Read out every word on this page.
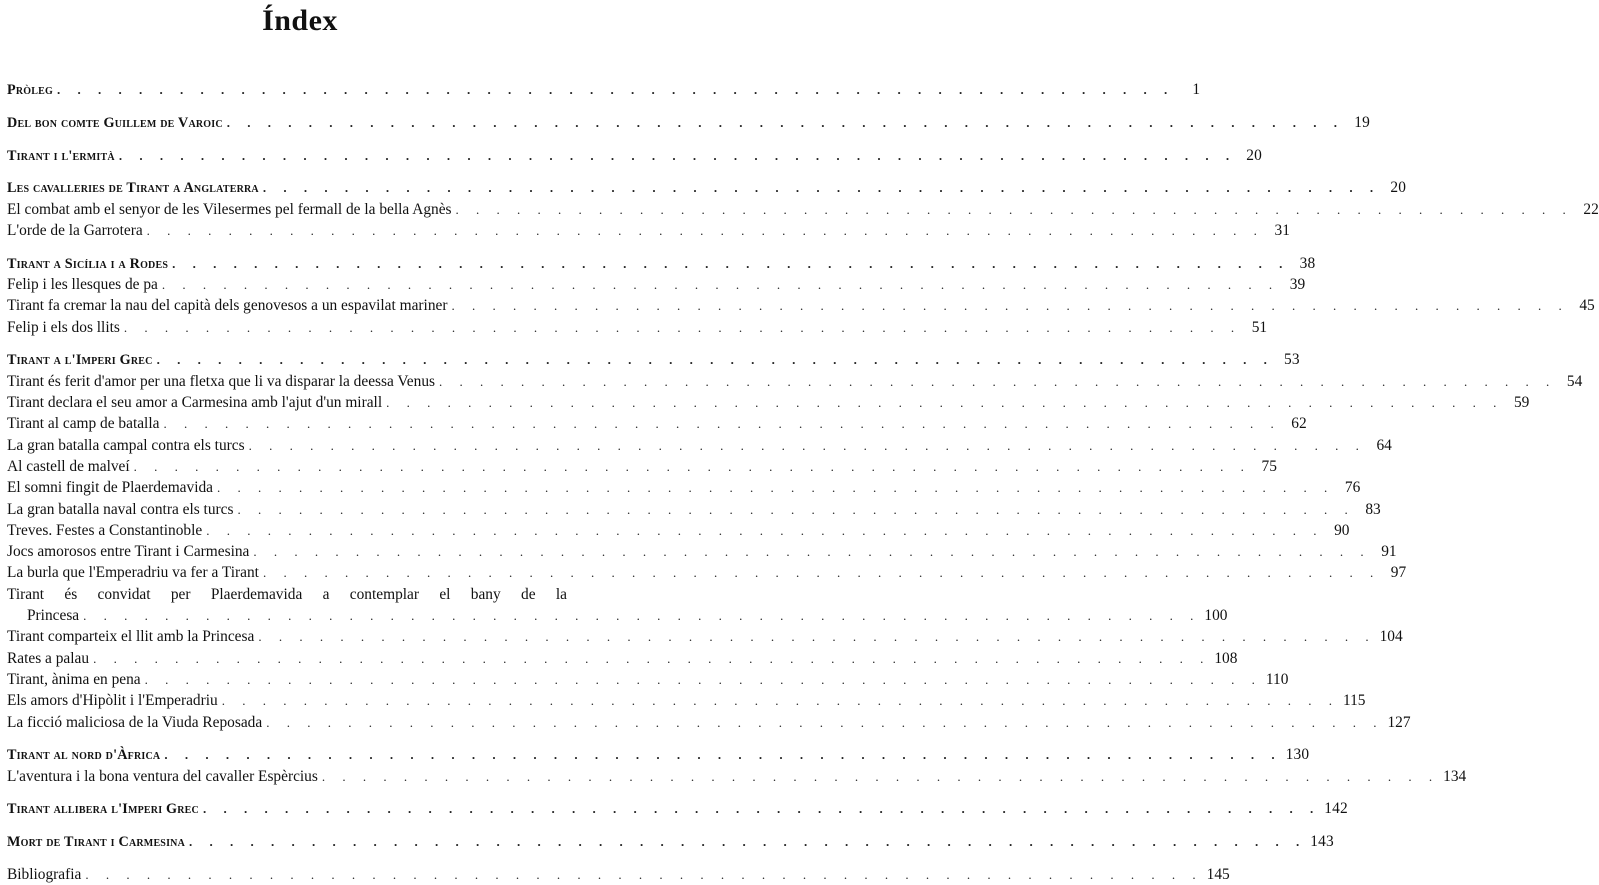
Índex
Pròleg . . . . . . . . . . . . . . . . . . . . . . . . . . . . . . . . . . . . . . . . . . . . . . . . . . . . . . .	1
Del bon comte Guillem de Varoic . . . . . . . . . . . . . . . . . . . . . . . . . . . . . . . . . . . . . . . . . . . . . . . . . . . . . . . 19
Tirant i l'ermità . . . . . . . . . . . . . . . . . . . . . . . . . . . . . . . . . . . . . . . . . . . . . . . . . . . . . . . 20
Les cavalleries de Tirant a Anglaterra . . . . . . . . . . . . . . . . . . . . . . . . . . . . . . . . . . . . . . . . . . . . . . . . . . . . . . . 20
El combat amb el senyor de les Vilesermes pel fermall de la bella Agnès . . . . . . . . . . . . . . . . . . . . . . . . . . . . . . . . . . . . . . . . . . . . . . . . . . . . . . . 22
L'orde de la Garrotera . . . . . . . . . . . . . . . . . . . . . . . . . . . . . . . . . . . . . . . . . . . . . . . . . . . . . . . 31
Tirant a Sicília i a Rodes . . . . . . . . . . . . . . . . . . . . . . . . . . . . . . . . . . . . . . . . . . . . . . . . . . . . . . . 38
Felip i les llesques de pa . . . . . . . . . . . . . . . . . . . . . . . . . . . . . . . . . . . . . . . . . . . . . . . . . . . . . . . 39
Tirant fa cremar la nau del capità dels genovesos a un espavilat mariner . . . . . . . . . . . . . . . . . . . . . . . . . . . . . . . . . . . . . . . . . . . . . . . . . . . . . . . 45
Felip i els dos llits . . . . . . . . . . . . . . . . . . . . . . . . . . . . . . . . . . . . . . . . . . . . . . . . . . . . . . . 51
Tirant a l'Imperi Grec . . . . . . . . . . . . . . . . . . . . . . . . . . . . . . . . . . . . . . . . . . . . . . . . . . . . . . . 53
Tirant és ferit d'amor per una fletxa que li va disparar la deessa Venus . . . . . . . . . . . . . . . . . . . . . . . . . . . . . . . . . . . . . . . . . . . . . . . . . . . . . . . 54
Tirant declara el seu amor a Carmesina amb l'ajut d'un mirall . . . . . . . . . . . . . . . . . . . . . . . . . . . . . . . . . . . . . . . . . . . . . . . . . . . . . . . 59
Tirant al camp de batalla . . . . . . . . . . . . . . . . . . . . . . . . . . . . . . . . . . . . . . . . . . . . . . . . . . . . . . . 62
La gran batalla campal contra els turcs . . . . . . . . . . . . . . . . . . . . . . . . . . . . . . . . . . . . . . . . . . . . . . . . . . . . . . . 64
Al castell de malveí . . . . . . . . . . . . . . . . . . . . . . . . . . . . . . . . . . . . . . . . . . . . . . . . . . . . . . . 75
El somni fingit de Plaerdemavida . . . . . . . . . . . . . . . . . . . . . . . . . . . . . . . . . . . . . . . . . . . . . . . . . . . . . . . 76
La gran batalla naval contra els turcs . . . . . . . . . . . . . . . . . . . . . . . . . . . . . . . . . . . . . . . . . . . . . . . . . . . . . . . 83
Treves. Festes a Constantinoble . . . . . . . . . . . . . . . . . . . . . . . . . . . . . . . . . . . . . . . . . . . . . . . . . . . . . . . 90
Jocs amorosos entre Tirant i Carmesina . . . . . . . . . . . . . . . . . . . . . . . . . . . . . . . . . . . . . . . . . . . . . . . . . . . . . . . 91
La burla que l'Emperadriu va fer a Tirant . . . . . . . . . . . . . . . . . . . . . . . . . . . . . . . . . . . . . . . . . . . . . . . . . . . . . . . 97
Tirant és convidat per Plaerdemavida a contemplar el bany de la
Princesa . . . . . . . . . . . . . . . . . . . . . . . . . . . . . . . . . . . . . . . . . . . . . . . . . . . . . . . 100
Tirant comparteix el llit amb la Princesa . . . . . . . . . . . . . . . . . . . . . . . . . . . . . . . . . . . . . . . . . . . . . . . . . . . . . . . 104
Rates a palau . . . . . . . . . . . . . . . . . . . . . . . . . . . . . . . . . . . . . . . . . . . . . . . . . . . . . . . 108
Tirant, ànima en pena . . . . . . . . . . . . . . . . . . . . . . . . . . . . . . . . . . . . . . . . . . . . . . . . . . . . . . . 110
Els amors d'Hipòlit i l'Emperadriu . . . . . . . . . . . . . . . . . . . . . . . . . . . . . . . . . . . . . . . . . . . . . . . . . . . . . . . 115
La ficció maliciosa de la Viuda Reposada . . . . . . . . . . . . . . . . . . . . . . . . . . . . . . . . . . . . . . . . . . . . . . . . . . . . . . . 127
Tirant al nord d'Àfrica . . . . . . . . . . . . . . . . . . . . . . . . . . . . . . . . . . . . . . . . . . . . . . . . . . . . . . . 130
L'aventura i la bona ventura del cavaller Espèrcius . . . . . . . . . . . . . . . . . . . . . . . . . . . . . . . . . . . . . . . . . . . . . . . . . . . . . . . 134
Tirant allibera l'Imperi Grec . . . . . . . . . . . . . . . . . . . . . . . . . . . . . . . . . . . . . . . . . . . . . . . . . . . . . . . 142
Mort de Tirant i Carmesina . . . . . . . . . . . . . . . . . . . . . . . . . . . . . . . . . . . . . . . . . . . . . . . . . . . . . . . 143
Bibliografia . . . . . . . . . . . . . . . . . . . . . . . . . . . . . . . . . . . . . . . . . . . . . . . . . . . . . . . 145
